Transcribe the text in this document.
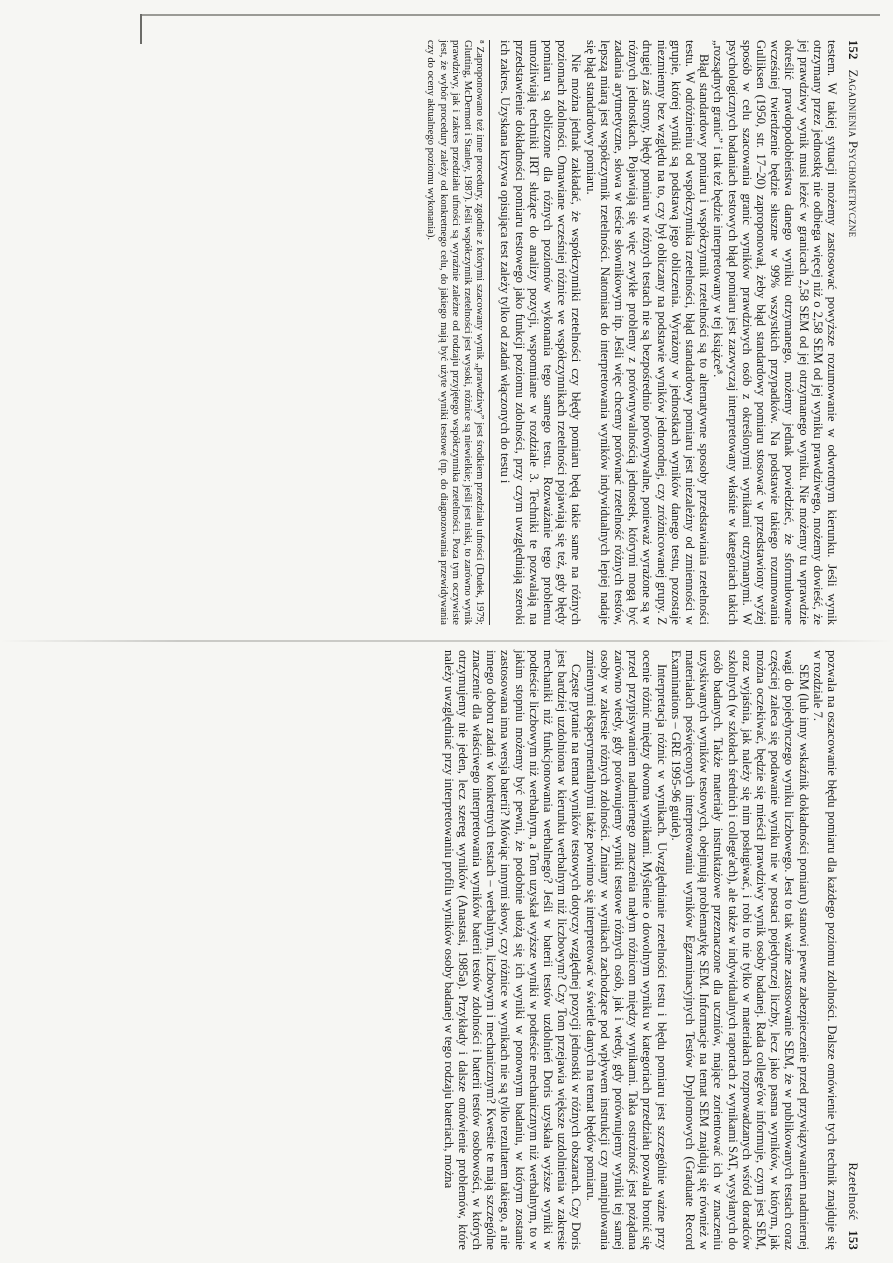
152
Zagadnienia Psychometryczne

testem. W takiej sytuacji możemy zastosować powyższe rozumowanie w odwrotnym kierunku. Jeśli wynik otrzymany przez jednostkę nie odbiega więcej niż o 2,58 SEM od jej wyniku prawdziwego, możemy dowieść, że jej prawdziwy wynik musi leżeć w granicach 2,58 SEM od jej otrzymanego wyniku. Nie możemy tu wprawdzie określić prawdopodobieństwa danego wyniku otrzymanego, możemy jednak powiedzieć, że sformułowane wcześniej twierdzenie będzie słuszne w 99% wszystkich przypadków. Na podstawie takiego rozumowania Gulliksen (1950, str. 17–20) zaproponował, żeby błąd standardowy pomiaru stosować w przedstawiony wyżej sposób w celu szacowania granic wyników prawdziwych osób z określonymi wynikami otrzymanymi. W psychologicznych badaniach testowych błąd pomiaru jest zazwyczaj interpretowany właśnie w kategoriach takich „rozsądnych granic” i tak też będzie interpretowany w tej książce⁸.

Błąd standardowy pomiaru i współczynnik rzetelności są to alternatywne sposoby przedstawiania rzetelności testu. W odróżnieniu od współczynnika rzetelności, błąd standardowy pomiaru jest niezależny od zmienności w grupie, której wyniki są podstawą jego obliczenia. Wyrażony w jednostkach wyników danego testu, pozostaje niezmienny bez względu na to, czy był obliczany na podstawie wyników jednorodnej, czy zróżnicowanej grupy. Z drugiej zaś strony, błędy pomiaru w różnych testach nie są bezpośrednio porównywalne, ponieważ wyrażone są w różnych jednostkach. Pojawiają się więc zwykłe problemy z porównywalnością jednostek, którymi mogą być zadania arytmetyczne, słowa w teście słownikowym itp. Jeśli więc chcemy porównać rzetelność różnych testów, lepszą miarą jest współczynnik rzetelności. Natomiast do interpretowania wyników indywidualnych lepiej nadaje się błąd standardowy pomiaru.

Nie można jednak zakładać, że współczynniki rzetelności czy błędy pomiaru będą takie same na różnych poziomach zdolności. Omawiane wcześniej różnice we współczynnikach rzetelności pojawiają się też, gdy błędy pomiaru są obliczone dla różnych poziomów wykonania tego samego testu. Rozważanie tego problemu umożliwiają techniki IRT służące do analizy pozycji, wspomniane w rozdziale 3. Techniki te pozwalają na przedstawienie dokładności pomiaru testowego jako funkcji poziomu zdolności, przy czym uwzględniają szeroki ich zakres. Uzyskana krzywa opisująca test zależy tylko od zadań włączonych do testu i

⁸ Zaproponowano też inne procedury, zgodnie z którymi szacowany wynik „prawdziwy” jest środkiem przedziału ufności (Dudek, 1979; Glutting, McDermott i Stanley, 1987). Jeśli współczynnik rzetelności jest wysoki, różnice są niewielkie; jeśli jest niski, to zarówno wynik prawdziwy, jak i zakres przedziału ufności są wyraźnie zależne od rodzaju przyjętego współczynnika rzetelności. Poza tym oczywiste jest, że wybór procedury zależy od konkretnego celu, do jakiego mają być użyte wyniki testowe (np. do diagnozowania przewidywania czy do oceny aktualnego poziomu wykonania).

Rzetelność
153

pozwala na oszacowanie błędu pomiaru dla każdego poziomu zdolności. Dalsze omówienie tych technik znajduje się w rozdziale 7.

SEM (lub inny wskaźnik dokładności pomiaru) stanowi pewne zabezpieczenie przed przywiązywaniem nadmiernej wagi do pojedynczego wyniku liczbowego. Jest to tak ważne zastosowanie SEM, że w publikowanych testach coraz częściej zaleca się podawanie wyniku nie w postaci pojedynczej liczby, lecz jako pasma wyników, w którym, jak można oczekiwać, będzie się mieścił prawdziwy wynik osoby badanej. Rada college'ów informuje, czym jest SEM, oraz wyjaśnia, jak należy się nim posługiwać, i robi to nie tylko w materiałach rozprowadzanych wśród doradców szkolnych (w szkołach średnich i college'ach), ale także w indywidualnych raportach z wynikami SAT, wysyłanych do osób badanych. Także materiały instruktażowe przeznaczone dla uczniów, mające zorientować ich w znaczeniu uzyskiwanych wyników testowych, obejmują problematykę SEM. Informacje na temat SEM znajdują się również w materiałach poświęconych interpretowaniu wyników Egzaminacyjnych Testów Dyplomowych (Graduate Record Examinations – GRE 1995-96 guide).

Interpretacja różnic w wynikach. Uwzględnianie rzetelności testu i błędu pomiaru jest szczególnie ważne przy ocenie różnic między dwoma wynikami. Myślenie o dowolnym wyniku w kategoriach przedziału pozwala bronić się przed przypisywaniem nadmiernego znaczenia małym różnicom między wynikami. Taka ostrożność jest pożądana zarówno wtedy, gdy porównujemy wyniki testowe różnych osób, jak i wtedy, gdy porównujemy wyniki tej samej osoby w zakresie różnych zdolności. Zmiany w wynikach zachodzące pod wpływem instrukcji czy manipulowania zmiennymi eksperymentalnymi także powinno się interpretować w świetle danych na temat błędów pomiaru.

Częste pytanie na temat wyników testowych dotyczy względnej pozycji jednostki w różnych obszarach. Czy Doris jest bardziej uzdolniona w kierunku werbalnym niż liczbowym? Czy Tom przejawia większe uzdolnienia w zakresie mechaniki niż funkcjonowania werbalnego? Jeśli w baterii testów uzdolnień Doris uzyskała wyższe wyniki w podteście liczbowym niż werbalnym, a Tom uzyskał wyższe wyniki w podteście mechanicznym niż werbalnym, to w jakim stopniu możemy być pewni, że podobnie ułożą się ich wyniki w ponownym badaniu, w którym zostanie zastosowana inna wersja baterii? Mówiąc innymi słowy, czy różnice w wynikach nie są tylko rezultatem takiego, a nie innego doboru zadań w konkretnych testach – werbalnym, liczbowym i mechanicznym? Kwestie te mają szczególne znaczenie dla właściwego interpretowania wyników baterii testów zdolności i baterii testów osobowości, w których otrzymujemy nie jeden, lecz szereg wyników (Anastasi, 1985a). Przykłady i dalsze omówienie problemów, które należy uwzględniać przy interpretowaniu profilu wyników osoby badanej w tego rodzaju bateriach, można
